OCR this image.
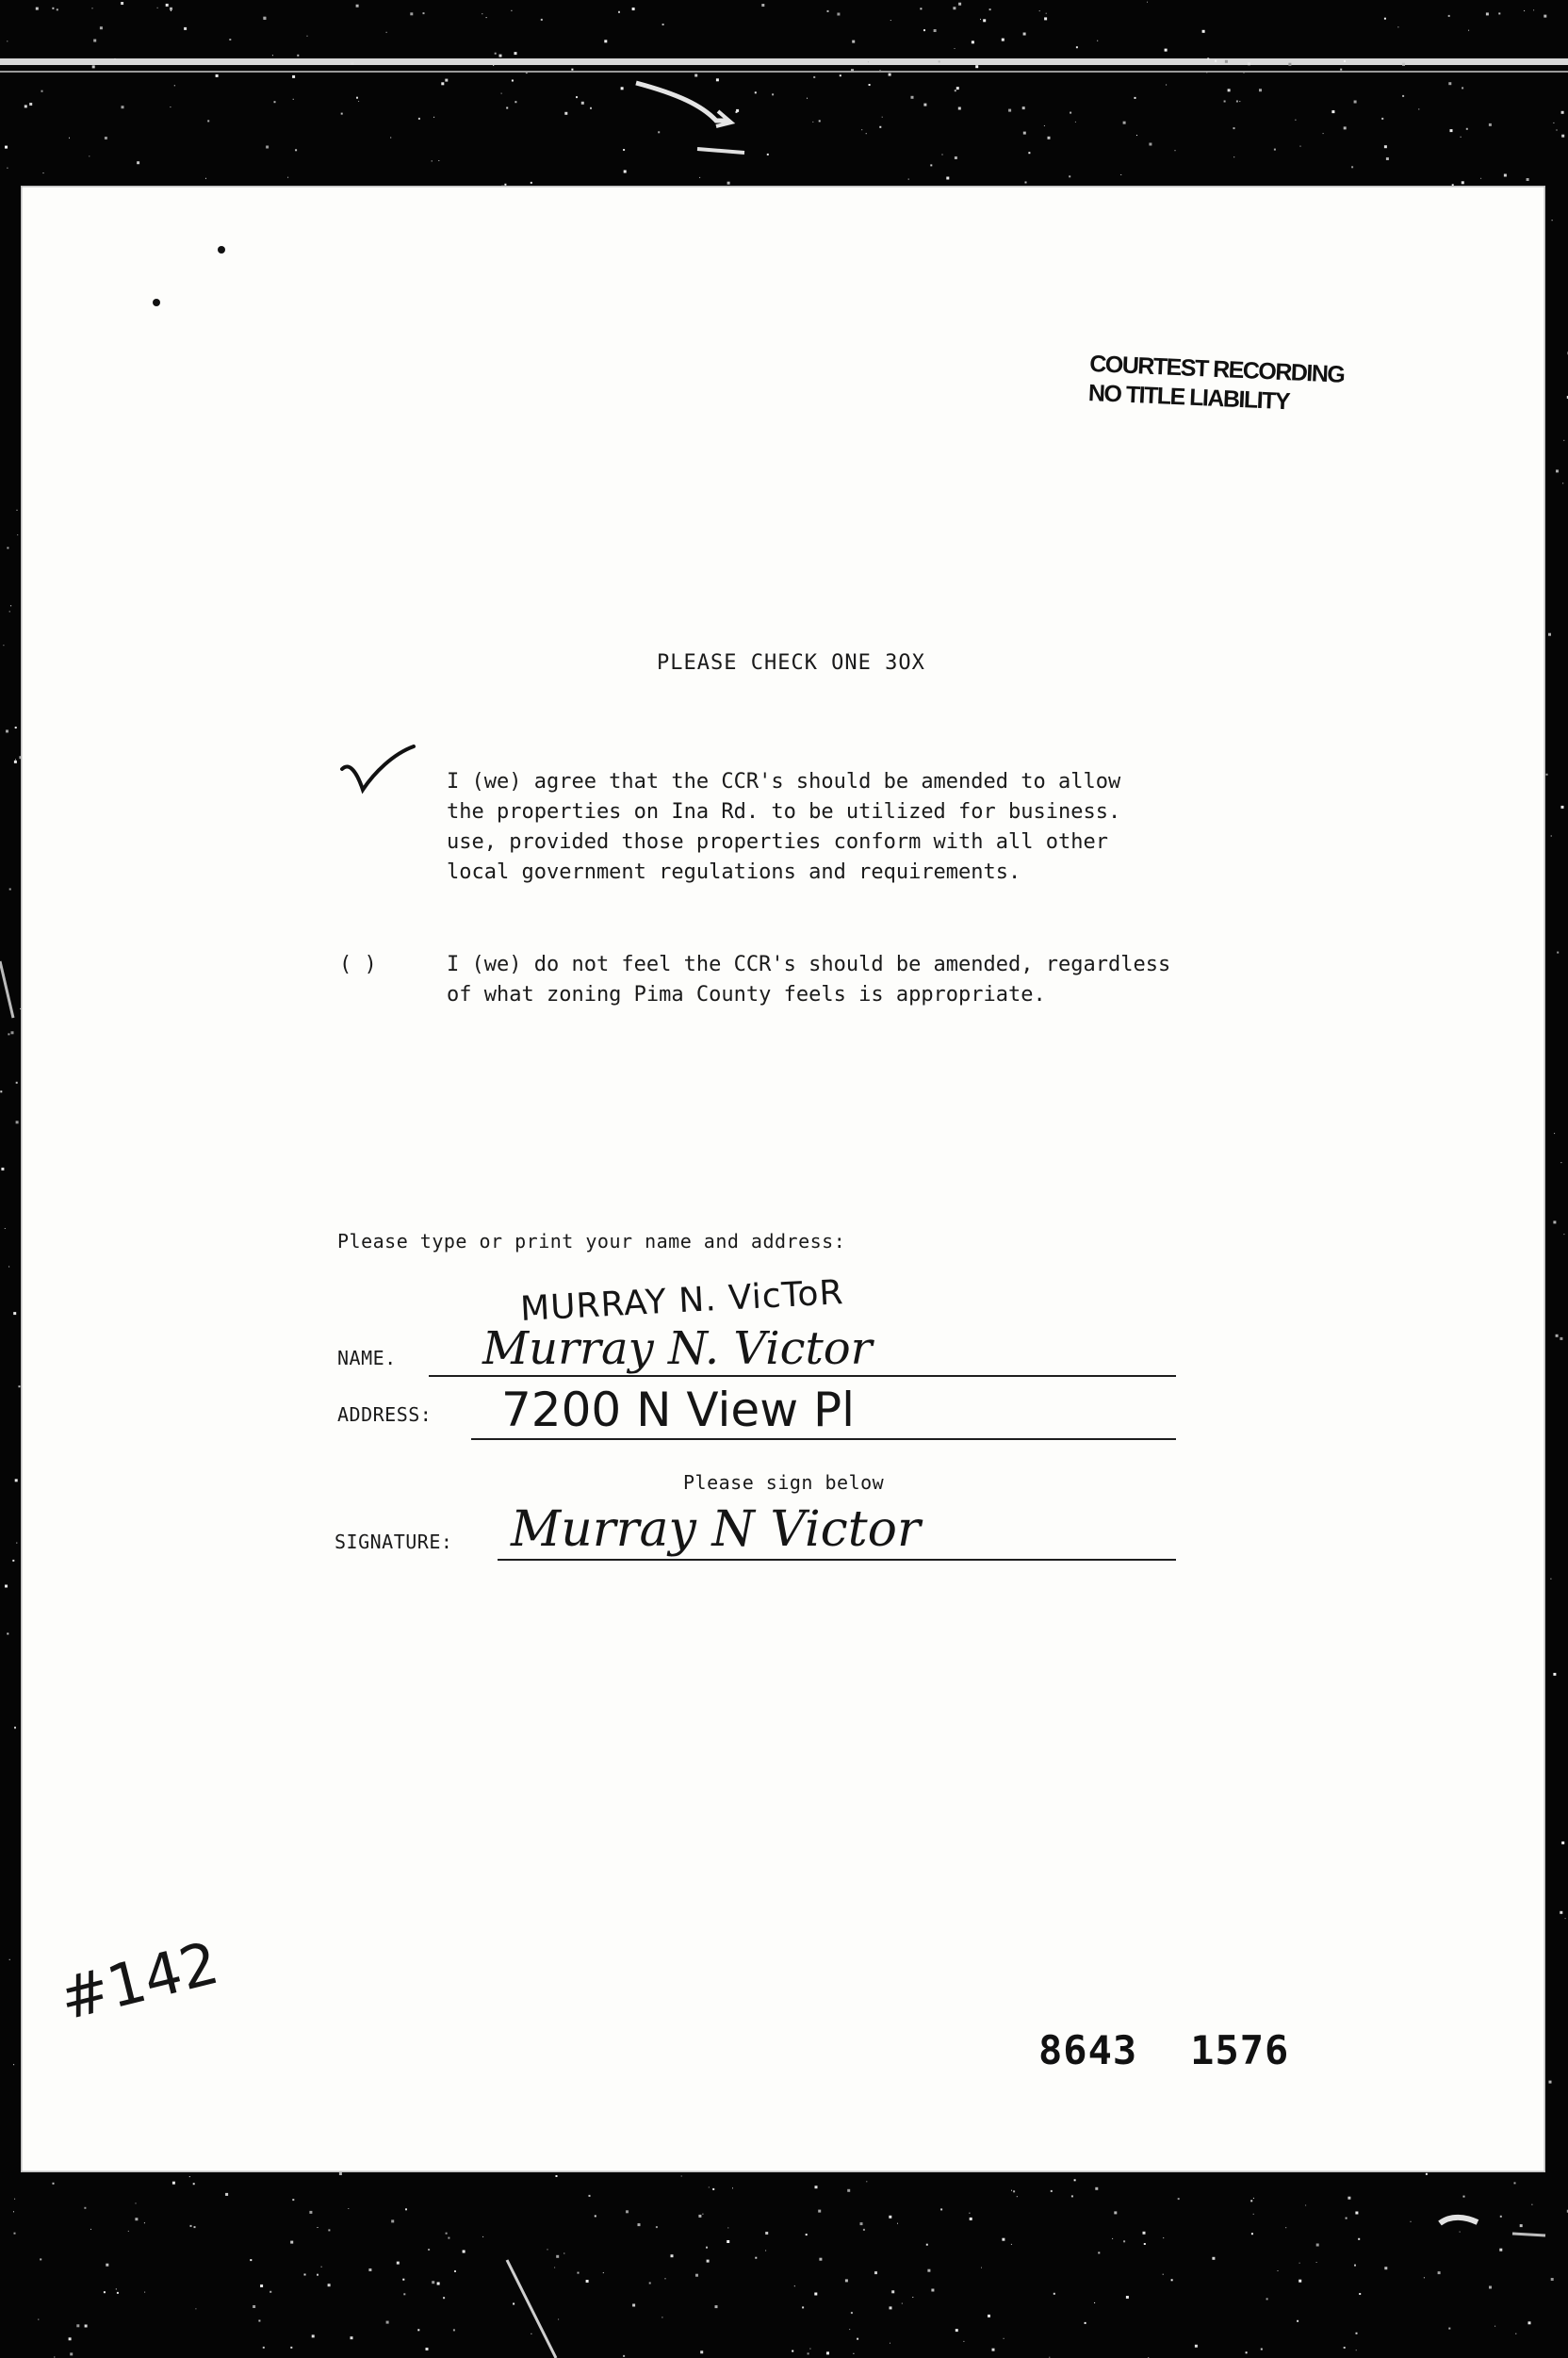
COURTEST RECORDING
NO TITLE LIABILITY
PLEASE CHECK ONE 3OX
I (we) agree that the CCR's should be amended to allow
the properties on Ina Rd. to be utilized for business.
use, provided those properties conform with all other
local government regulations and requirements.
( )	I (we) do not feel the CCR's should be amended, regardless
of what zoning Pima County feels is appropriate.
Please type or print your name and address:
MURRAY N. VicToR
NAME. Murray N. Victor
ADDRESS: 7200 N View Pl
Please sign below
SIGNATURE: Murray N Victor
#142
8643 1576
